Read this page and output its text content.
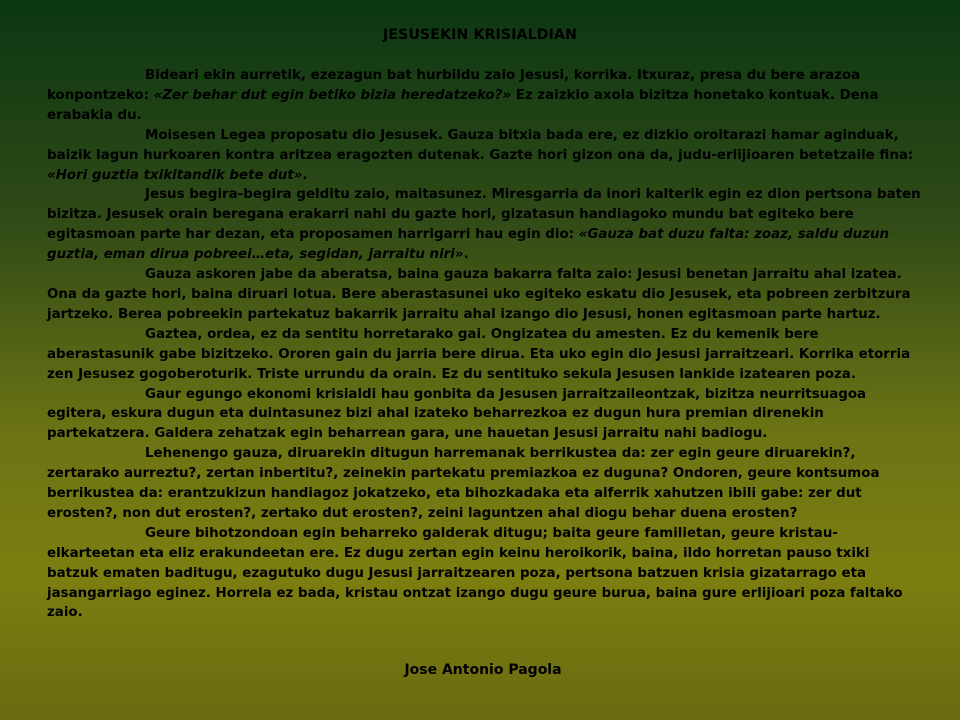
JESUSEKIN KRISIALDIAN

Bideari ekin aurretik, ezezagun bat hurbildu zaio Jesusi, korrika. Itxuraz, presa du bere arazoa konpontzeko: «Zer behar dut egin betiko bizia heredatzeko?» Ez zaizkio axola bizitza honetako kontuak. Dena erabakia du.

Moisesen Legea proposatu dio Jesusek. Gauza bitxia bada ere, ez dizkio oroitarazi hamar aginduak, baizik lagun hurkoaren kontra aritzea eragozten dutenak. Gazte hori gizon ona da, judu-erlijioaren betetzaile fina: «Hori guztia txikitandik bete dut».

Jesus begira-begira gelditu zaio, maitasunez. Miresgarria da inori kalterik egin ez dion pertsona baten bizitza. Jesusek orain beregana erakarri nahi du gazte hori, gizatasun handiagoko mundu bat egiteko bere egitasmoan parte har dezan, eta proposamen harrigarri hau egin dio: «Gauza bat duzu falta: zoaz, saldu duzun guztia, eman dirua pobreei…eta, segidan, jarraitu niri».

Gauza askoren jabe da aberatsa, baina gauza bakarra falta zaio: Jesusi benetan jarraitu ahal izatea. Ona da gazte hori, baina diruari lotua. Bere aberastasunei uko egiteko eskatu dio Jesusek, eta pobreen zerbitzura jartzeko. Berea pobreekin partekatuz bakarrik jarraitu ahal izango dio Jesusi, honen egitasmoan parte hartuz.

Gaztea, ordea, ez da sentitu horretarako gai. Ongizatea du amesten. Ez du kemenik bere aberastasunik gabe bizitzeko. Ororen gain du jarria bere dirua. Eta uko egin dio Jesusi jarraitzeari. Korrika etorria zen Jesusez gogoberoturik. Triste urrundu da orain. Ez du sentituko sekula Jesusen lankide izatearen poza.

Gaur egungo ekonomi krisialdi hau gonbita da Jesusen jarraitzaileontzak, bizitza neurritsuagoa egitera, eskura dugun eta duintasunez bizi ahal izateko beharrezkoa ez dugun hura premian direnekin partekatzera. Galdera zehatzak egin beharrean gara, une hauetan Jesusi jarraitu nahi badiogu.

Lehenengo gauza, diruarekin ditugun harremanak berrikustea da: zer egin geure diruarekin?, zertarako aurreztu?, zertan inbertitu?, zeinekin partekatu premiazkoa ez duguna? Ondoren, geure kontsumoa berrikustea da: erantzukizun handiagoz jokatzeko, eta bihozkadaka eta alferrik xahutzen ibili gabe: zer dut erosten?, non dut erosten?, zertako dut erosten?, zeini laguntzen ahal diogu behar duena erosten?

Geure bihotzondoan egin beharreko galderak ditugu; baita geure familietan, geure kristau-elkarteetan eta eliz erakundeetan ere. Ez dugu zertan egin keinu heroikorik, baina, ildo horretan pauso txiki batzuk ematen baditugu, ezagutuko dugu Jesusi jarraitzearen poza, pertsona batzuen krisia gizatarrago eta jasangarriago eginez. Horrela ez bada, kristau ontzat izango dugu geure burua, baina gure erlijioari poza faltako zaio.

Jose Antonio Pagola
